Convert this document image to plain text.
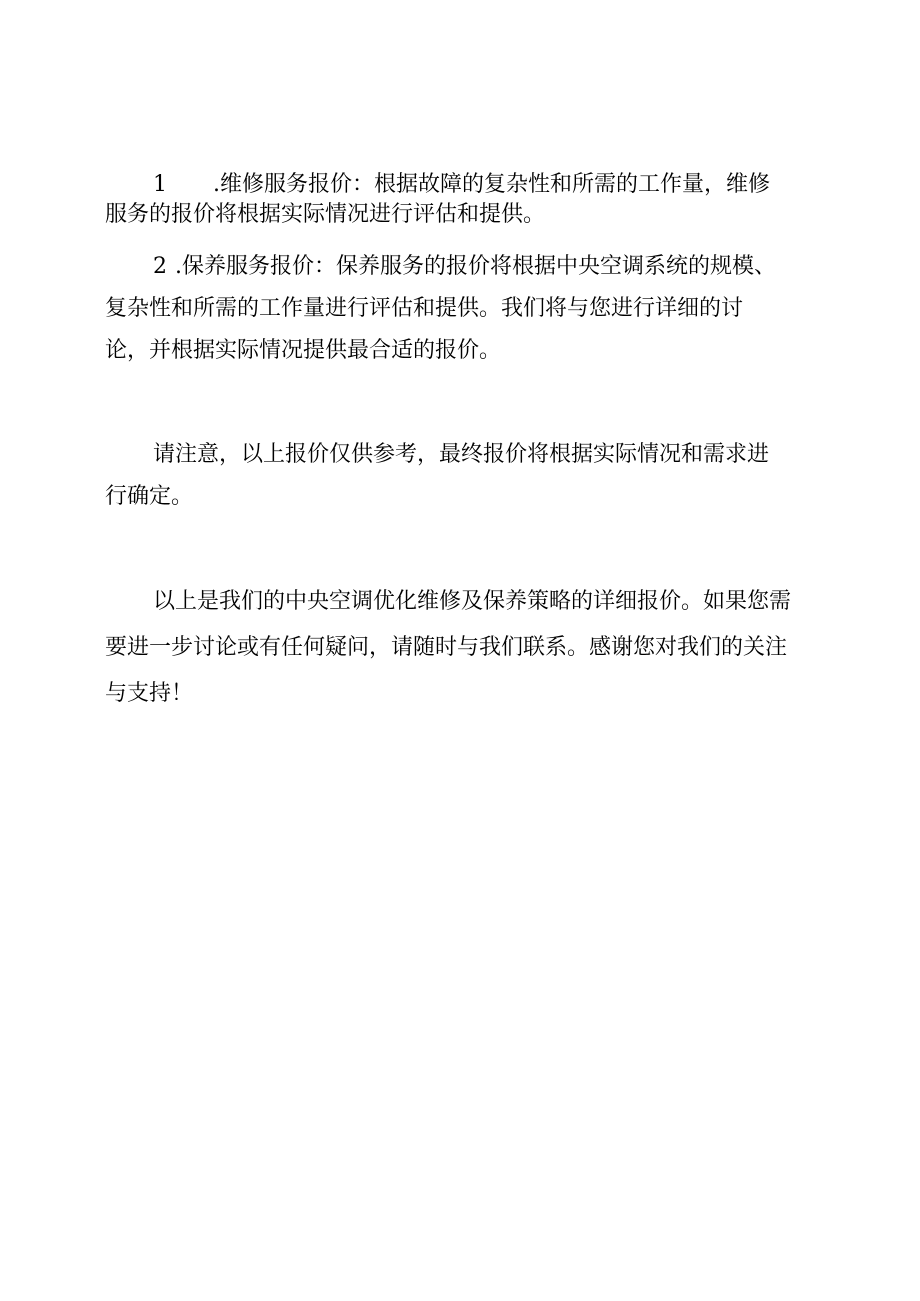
1 .维修服务报价：根据故障的复杂性和所需的工作量，维修
服务的报价将根据实际情况进行评估和提供。
2 .保养服务报价：保养服务的报价将根据中央空调系统的规模、
复杂性和所需的工作量进行评估和提供。我们将与您进行详细的讨
论，并根据实际情况提供最合适的报价。
请注意，以上报价仅供参考，最终报价将根据实际情况和需求进
行确定。
以上是我们的中央空调优化维修及保养策略的详细报价。如果您需
要进一步讨论或有任何疑问，请随时与我们联系。感谢您对我们的关注
与支持！
